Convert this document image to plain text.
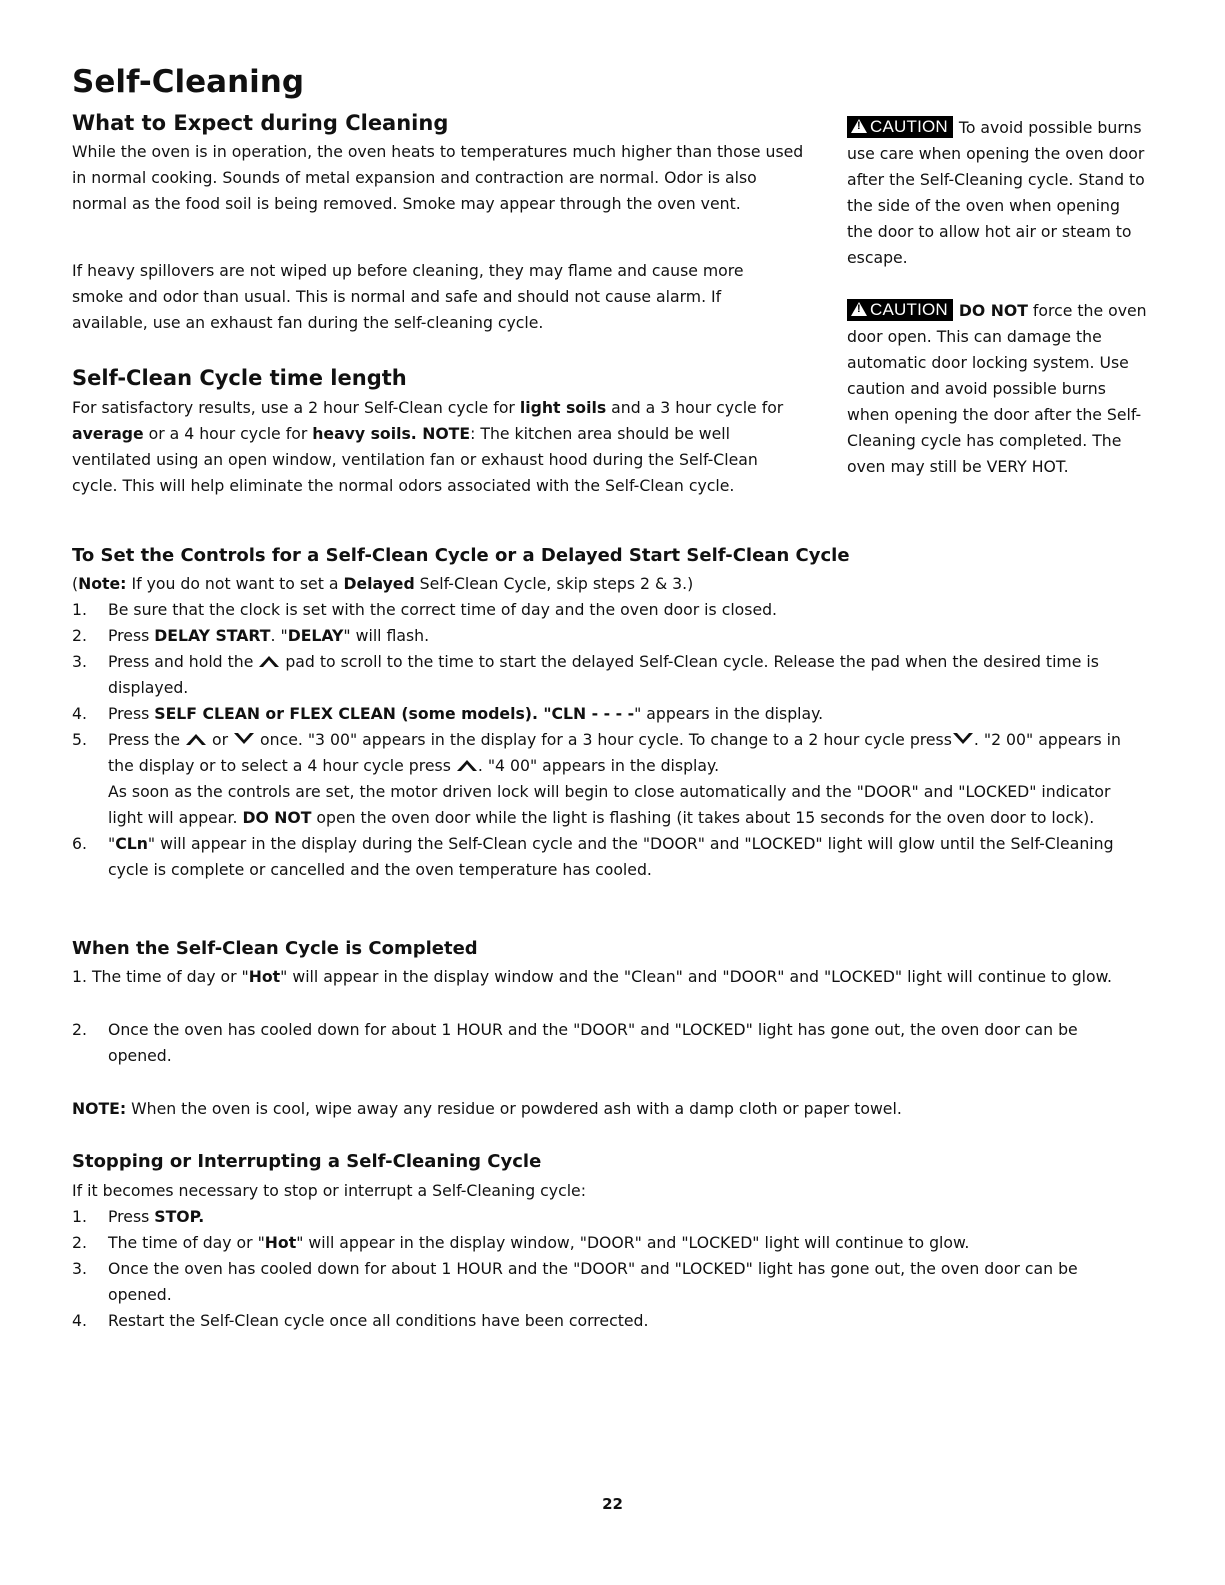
Self-Cleaning
What to Expect during Cleaning

While the oven is in operation, the oven heats to temperatures much higher than those used in normal cooking. Sounds of metal expansion and contraction are normal. Odor is also normal as the food soil is being removed. Smoke may appear through the oven vent.

If heavy spillovers are not wiped up before cleaning, they may flame and cause more smoke and odor than usual. This is normal and safe and should not cause alarm. If available, use an exhaust fan during the self-cleaning cycle.

Self-Clean Cycle time length

For satisfactory results, use a 2 hour Self-Clean cycle for light soils and a 3 hour cycle for average or a 4 hour cycle for heavy soils. NOTE: The kitchen area should be well ventilated using an open window, ventilation fan or exhaust hood during the Self-Clean cycle. This will help eliminate the normal odors associated with the Self-Clean cycle.

!CAUTION To avoid possible burns use care when opening the oven door after the Self-Cleaning cycle. Stand to the side of the oven when opening the door to allow hot air or steam to escape.

!CAUTION DO NOT force the oven door open. This can damage the automatic door locking system. Use caution and avoid possible burns when opening the door after the Self-Cleaning cycle has completed. The oven may still be VERY HOT.

To Set the Controls for a Self-Clean Cycle or a Delayed Start Self-Clean Cycle

(Note: If you do not want to set a Delayed Self-Clean Cycle, skip steps 2 & 3.)

1. Be sure that the clock is set with the correct time of day and the oven door is closed.
2. Press DELAY START. "DELAY" will flash.
3. Press and hold the
pad to scroll to the time to start the delayed Self-Clean cycle. Release the pad when the desired time is displayed.
4. Press SELF CLEAN or FLEX CLEAN (some models). "CLN - - - -" appears in the display.
5. Press the
or
once. "3 00" appears in the display for a 3 hour cycle. To change to a 2 hour cycle press . "2 00" appears in the display or to select a 4 hour cycle press
. "4 00" appears in the display.
As soon as the controls are set, the motor driven lock will begin to close automatically and the "DOOR" and "LOCKED" indicator light will appear. DO NOT open the oven door while the light is flashing (it takes about 15 seconds for the oven door to lock).
6. "CLn" will appear in the display during the Self-Clean cycle and the "DOOR" and "LOCKED" light will glow until the Self-Cleaning cycle is complete or cancelled and the oven temperature has cooled.
When the Self-Clean Cycle is Completed

1. The time of day or "Hot" will appear in the display window and the "Clean" and "DOOR" and "LOCKED" light will continue to glow.

2. Once the oven has cooled down for about 1 HOUR and the "DOOR" and "LOCKED" light has gone out, the oven door can be opened.

NOTE: When the oven is cool, wipe away any residue or powdered ash with a damp cloth or paper towel.

Stopping or Interrupting a Self-Cleaning Cycle

If it becomes necessary to stop or interrupt a Self-Cleaning cycle:

1. Press STOP.
2. The time of day or "Hot" will appear in the display window, "DOOR" and "LOCKED" light will continue to glow.
3. Once the oven has cooled down for about 1 HOUR and the "DOOR" and "LOCKED" light has gone out, the oven door can be opened.
4. Restart the Self-Clean cycle once all conditions have been corrected.

22
